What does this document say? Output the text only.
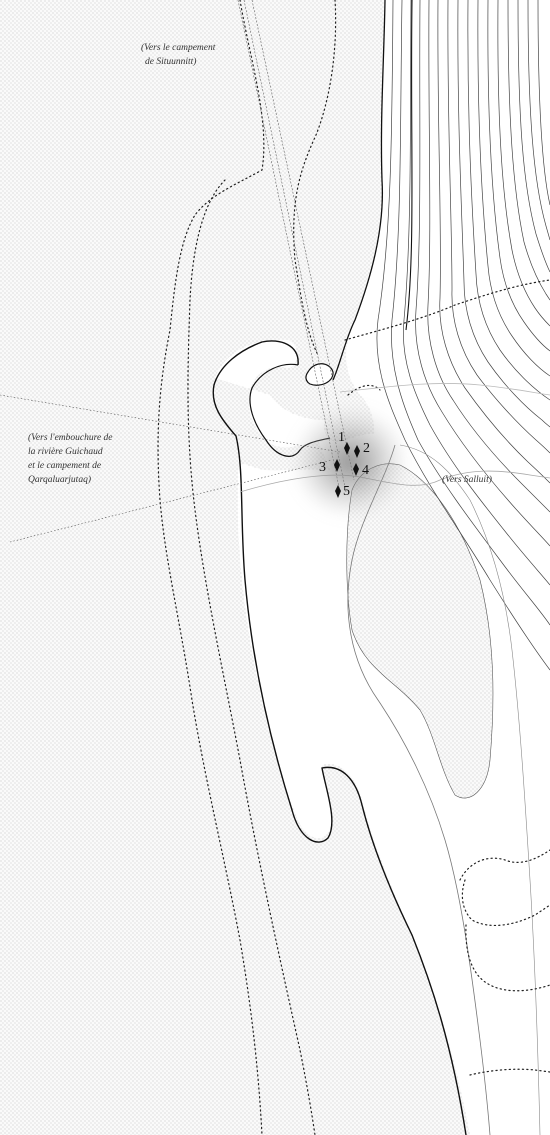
1
2
3	4
5
(Vers le campement
de Situunnitt)
(Vers l'embouchure de
la rivière Guichaud
et le campement de
Qarqaluarjutaq)	(Vers Salluit)
